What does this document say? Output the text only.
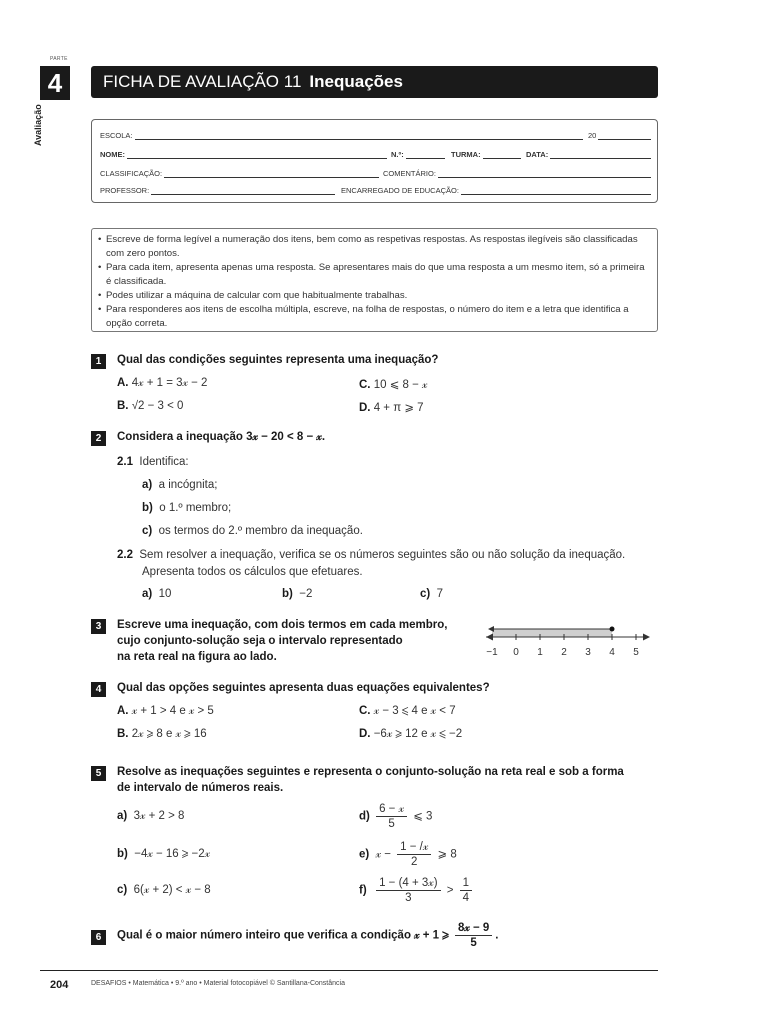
PARTE
4
Avaliação
FICHA DE AVALIAÇÃO 11 Inequações
ESCOLA:	20
NOME:	N.º:	TURMA:	DATA:
CLASSIFICAÇÃO:	COMENTÁRIO:
PROFESSOR:	ENCARREGADO DE EDUCAÇÃO:
• Escreve de forma legível a numeração dos itens, bem como as respetivas respostas. As respostas ilegíveis são classificadas com zero pontos.
• Para cada item, apresenta apenas uma resposta. Se apresentares mais do que uma resposta a um mesmo item, só a primeira é classificada.
• Podes utilizar a máquina de calcular com que habitualmente trabalhas.
• Para responderes aos itens de escolha múltipla, escreve, na folha de respostas, o número do item e a letra que identifica a opção correta.
1	Qual das condições seguintes representa uma inequação?
A. 4𝓍 + 1 = 3𝓍 − 2	C. 10 ⩽ 8 − 𝓍
B. √2 − 3 < 0	D. 4 + π ⩾ 7
2	Considera a inequação 3𝓍 − 20 < 8 − 𝓍.
2.1 Identifica:
a) a incógnita;
b) o 1.º membro;
c) os termos do 2.º membro da inequação.
2.2 Sem resolver a inequação, verifica se os números seguintes são ou não solução da inequação.
Apresenta todos os cálculos que efetuares.
a) 10	b) −2	c) 7
3	Escreve uma inequação, com dois termos em cada membro,
cujo conjunto-solução seja o intervalo representado
na reta real na figura ao lado.	−1 0 1 2 3 4 5
4	Qual das opções seguintes apresenta duas equações equivalentes?
A. 𝓍 + 1 > 4 e 𝓍 > 5	C. 𝓍 − 3 ⩽ 4 e 𝓍 < 7
B. 2𝓍 ⩾ 8 e 𝓍 ⩾ 16	D. −6𝓍 ⩾ 12 e 𝓍 ⩽ −2
5	Resolve as inequações seguintes e representa o conjunto-solução na reta real e sob a forma
de intervalo de números reais.
a) 3𝓍 + 2 > 8	$d) \frac{\text{6 − 𝓍}}{5}$ ⩽ 3
b) −4𝓍 − 16 ⩾ −2𝓍	e) 𝓍 − $\frac{\text{1 − /𝓍}}{2}$ ⩾ 8
c) 6(𝓍 + 2) < 𝓍 − 8	$f) \frac{\text{1 − (4 + 3𝓍)}}{3} > \frac{1}{4}$
6	Qual é o maior número inteiro que verifica a condição 𝓍 + 1 ⩾ $\frac{\text{8𝓍 − 9}}{5}$ .
204	DESAFIOS • Matemática • 9.º ano • Material fotocopiável © Santillana-Constância
